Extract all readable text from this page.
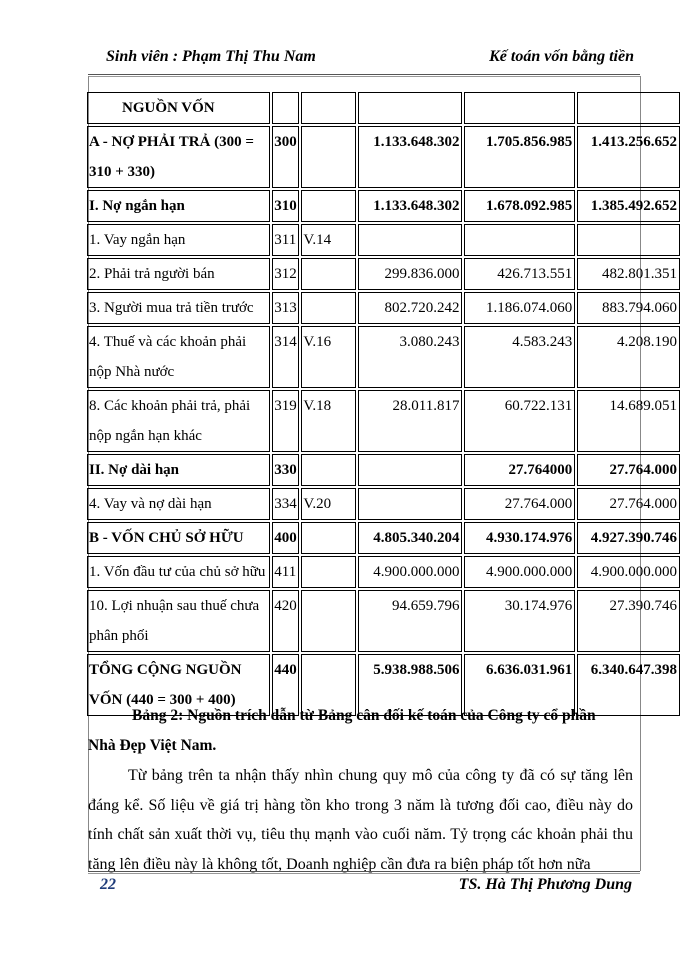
Sinh viên : Phạm Thị Thu Nam	Kế toán vốn bằng tiền
NGUỒN VỐN					
A - NỢ PHẢI TRẢ (300 = 310 + 330)	300		1.133.648.302	1.705.856.985	1.413.256.652
I. Nợ ngắn hạn	310		1.133.648.302	1.678.092.985	1.385.492.652
1. Vay ngắn hạn	311	V.14			
2. Phải trả người bán	312		299.836.000	426.713.551	482.801.351
3. Người mua trả tiền trước	313		802.720.242	1.186.074.060	883.794.060
4. Thuế và các khoản phải nộp Nhà nước	314	V.16	3.080.243	4.583.243	4.208.190
8. Các khoản phải trả, phải nộp ngắn hạn khác	319	V.18	28.011.817	60.722.131	14.689.051
II. Nợ dài hạn	330			27.764000	27.764.000
4. Vay và nợ dài hạn	334	V.20		27.764.000	27.764.000
B - VỐN CHỦ SỞ HỮU	400		4.805.340.204	4.930.174.976	4.927.390.746
1. Vốn đầu tư của chủ sở hữu	411		4.900.000.000	4.900.000.000	4.900.000.000
10. Lợi nhuận sau thuế chưa phân phối	420		94.659.796	30.174.976	27.390.746
TỔNG CỘNG NGUỒN VỐN (440 = 300 + 400)	440		5.938.988.506	6.636.031.961	6.340.647.398
Bảng 2: Nguồn trích dẫn từ Bảng cân đối kế toán của Công ty cổ phần
Nhà Đẹp Việt Nam.
Từ bảng trên ta nhận thấy nhìn chung quy mô của công ty đã có sự tăng lên đáng kể. Số liệu về giá trị hàng tồn kho trong 3 năm là tương đối cao, điều này do tính chất sản xuất thời vụ, tiêu thụ mạnh vào cuối năm. Tỷ trọng các khoản phải thu tăng lên điều này là không tốt, Doanh nghiệp cần đưa ra biện pháp tốt hơn nữa
22	TS. Hà Thị Phương Dung
